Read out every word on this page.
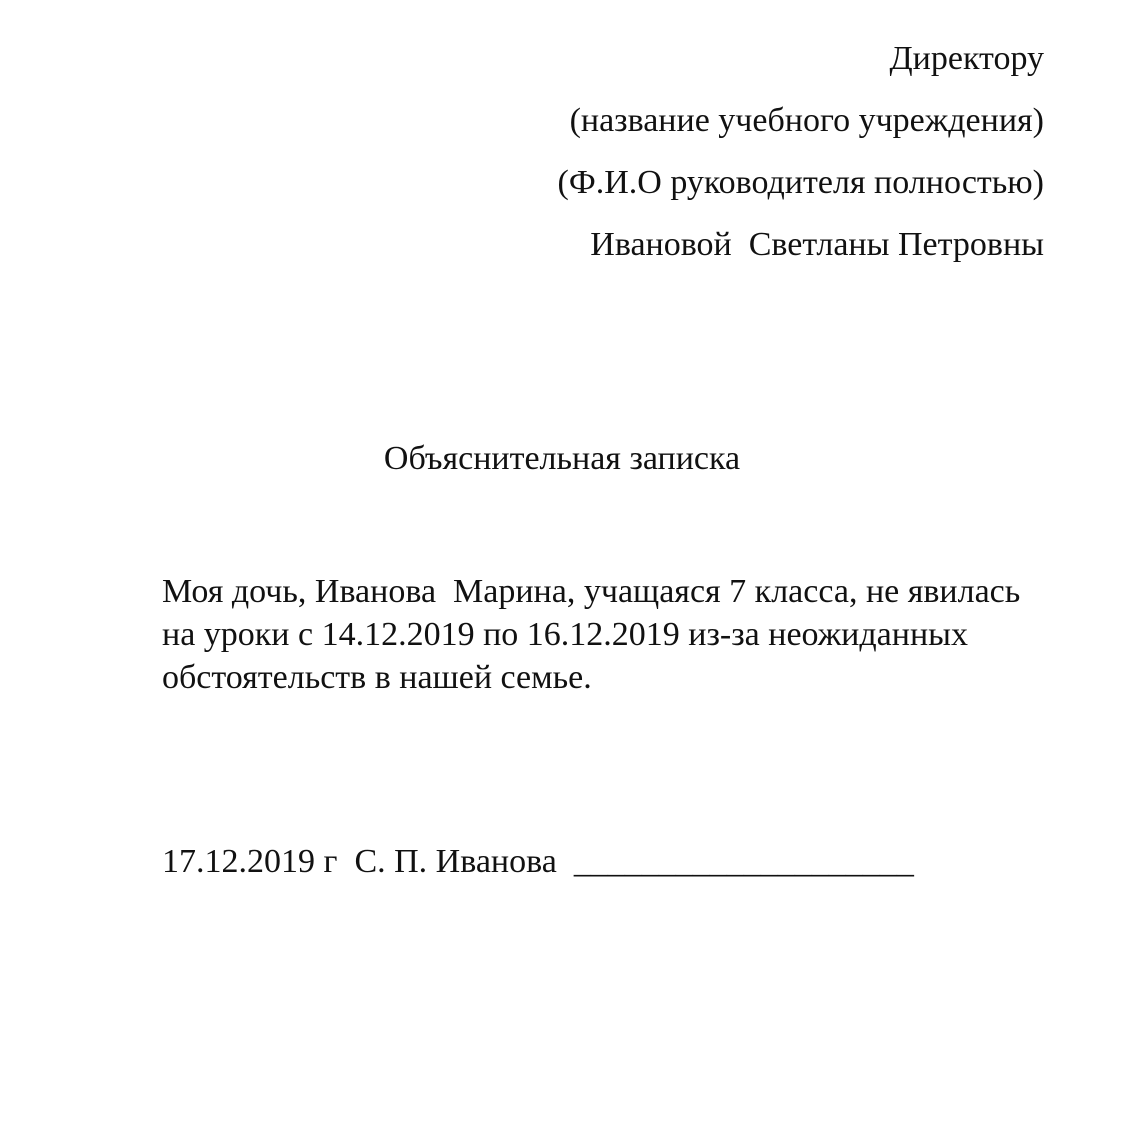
Директору
(название учебного учреждения)
(Ф.И.О руководителя полностью)
Ивановой  Светланы Петровны
Объяснительная записка
Моя дочь, Иванова  Марина, учащаяся 7 класса, не явилась
на уроки с 14.12.2019 по 16.12.2019 из-за неожиданных
обстоятельств в нашей семье.
17.12.2019 г С. П. Иванова ____________________
